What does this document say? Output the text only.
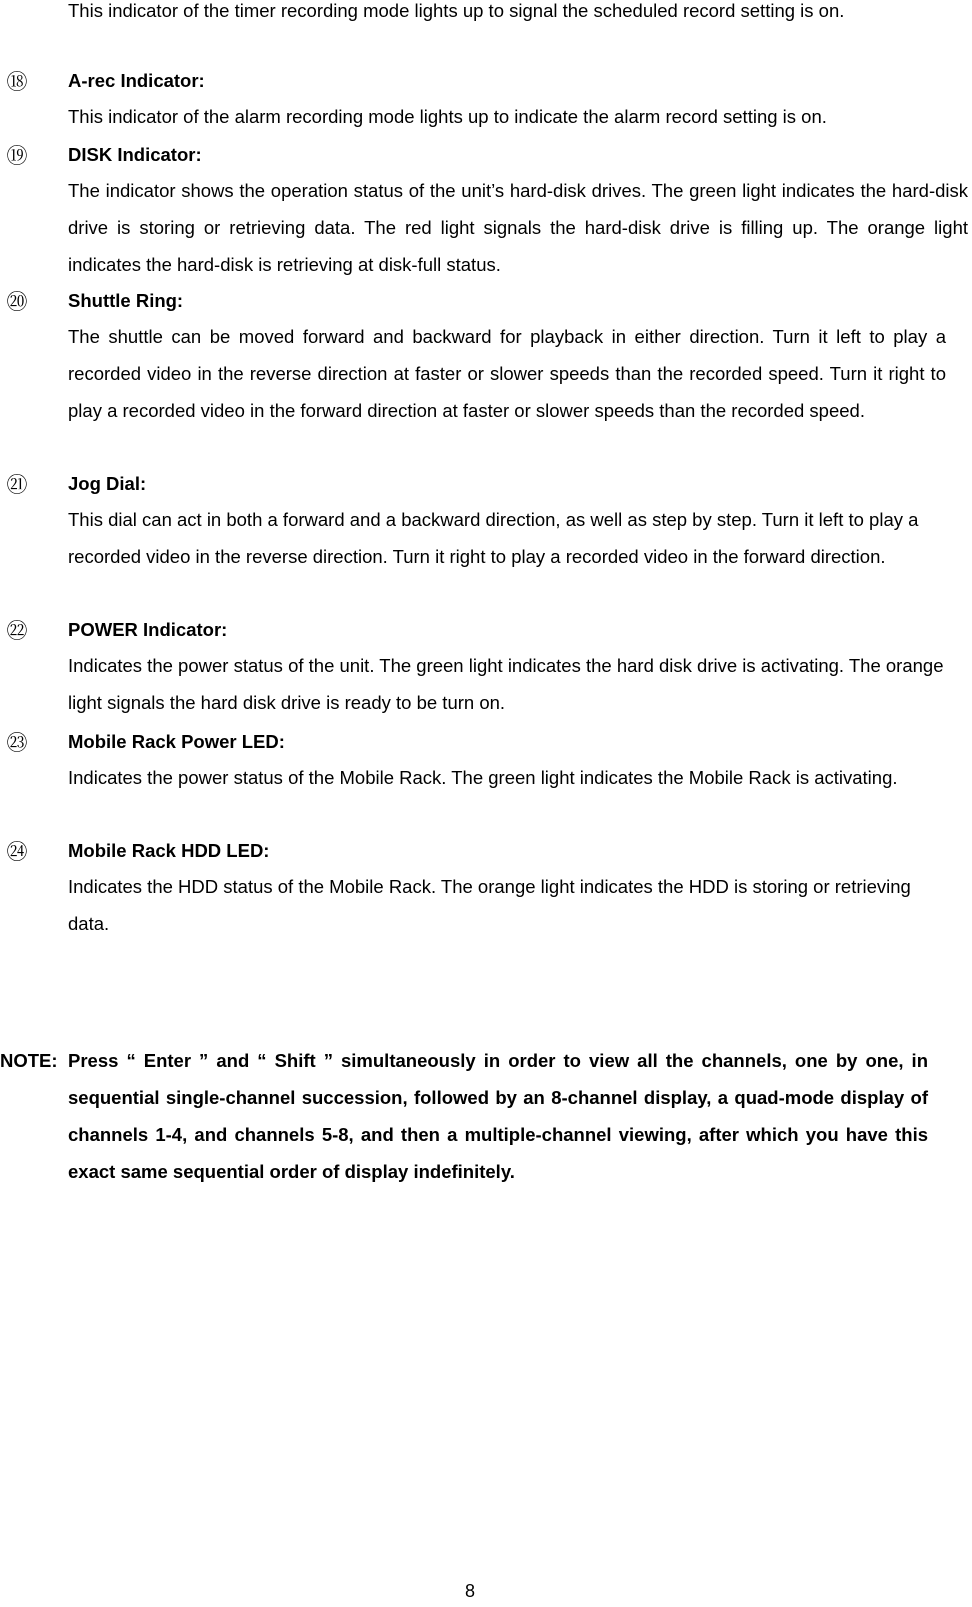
This indicator of the timer recording mode lights up to signal the scheduled record setting is on.

⑱ A-rec Indicator:

This indicator of the alarm recording mode lights up to indicate the alarm record setting is on.

⑲ DISK Indicator:

The indicator shows the operation status of the unit’s hard-disk drives. The green light indicates the hard-disk drive is storing or retrieving data. The red light signals the hard-disk drive is filling up. The orange light indicates the hard-disk is retrieving at disk-full status.

⑳ Shuttle Ring:

The shuttle can be moved forward and backward for playback in either direction. Turn it left to play a recorded video in the reverse direction at faster or slower speeds than the recorded speed. Turn it right to play a recorded video in the forward direction at faster or slower speeds than the recorded speed.

㉑ Jog Dial:

This dial can act in both a forward and a backward direction, as well as step by step. Turn it left to play a recorded video in the reverse direction. Turn it right to play a recorded video in the forward direction.

㉒ POWER Indicator:

Indicates the power status of the unit. The green light indicates the hard disk drive is activating. The orange light signals the hard disk drive is ready to be turn on.

㉓ Mobile Rack Power LED:

Indicates the power status of the Mobile Rack. The green light indicates the Mobile Rack is activating.

㉔ Mobile Rack HDD LED:

Indicates the HDD status of the Mobile Rack. The orange light indicates the HDD is storing or retrieving data.

NOTE: Press “ Enter ” and “ Shift ” simultaneously in order to view all the channels, one by one, in sequential single-channel succession, followed by an 8-channel display, a quad-mode display of channels 1-4, and channels 5-8, and then a multiple-channel viewing, after which you have this exact same sequential order of display indefinitely.

8
